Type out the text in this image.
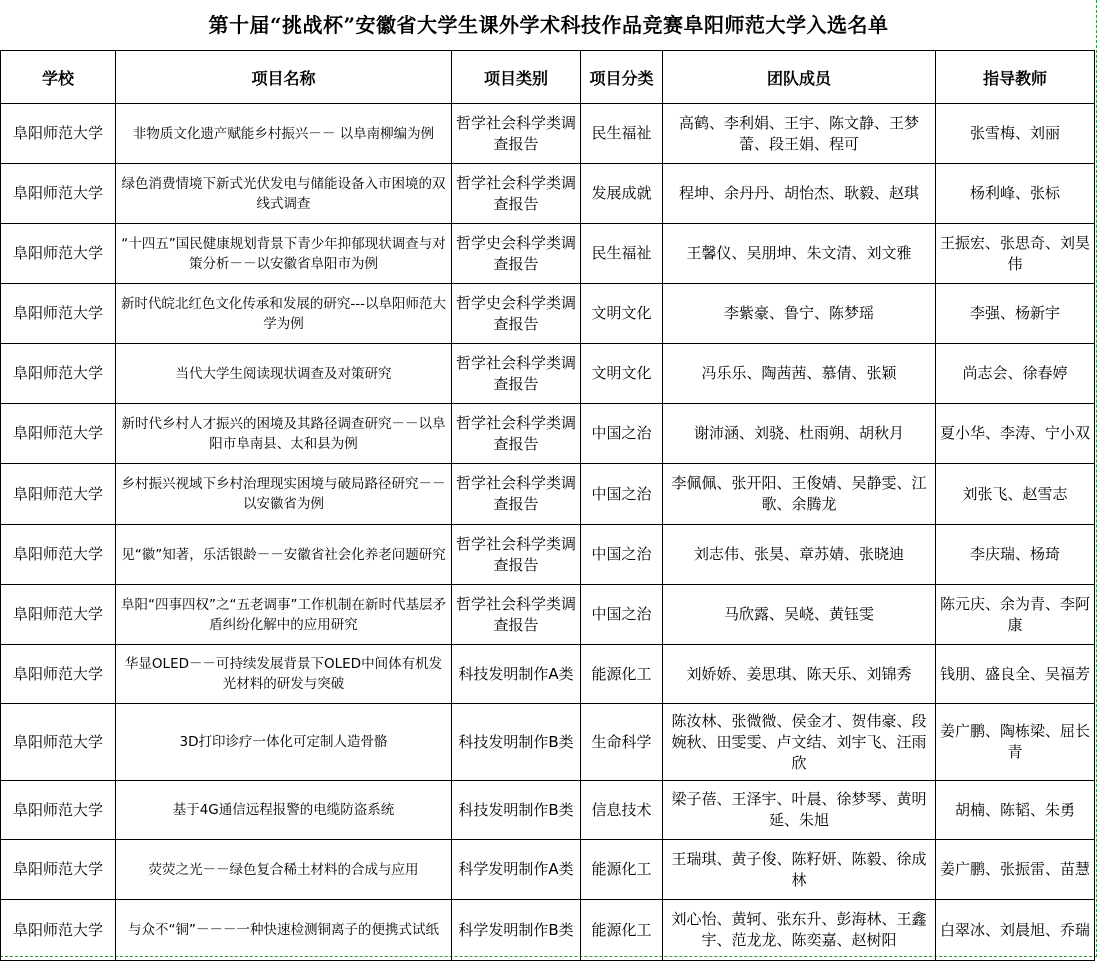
第十届“挑战杯”安徽省大学生课外学术科技作品竞赛阜阳师范大学入选名单
学校	项目名称	项目类别	项目分类	团队成员	指导教师
阜阳师范大学	非物质文化遗产赋能乡村振兴－－ 以阜南柳编为例	哲学社会科学类调查报告	民生福祉	高鹤、李利娟、王宇、陈文静、王梦蕾、段王娟、程可	张雪梅、刘丽
阜阳师范大学	绿色消费情境下新式光伏发电与储能设备入市困境的双线式调查	哲学社会科学类调查报告	发展成就	程坤、余丹丹、胡怡杰、耿毅、赵琪	杨利峰、张标
阜阳师范大学	“十四五”国民健康规划背景下青少年抑郁现状调查与对策分析－－以安徽省阜阳市为例	哲学史会科学类调查报告	民生福祉	王馨仪、吴朋坤、朱文清、刘文雅	王振宏、张思奇、刘昊伟
阜阳师范大学	新时代皖北红色文化传承和发展的研究---以阜阳师范大学为例	哲学史会科学类调查报告	文明文化	李紫豪、鲁宁、陈梦瑶	李强、杨新宇
阜阳师范大学	当代大学生阅读现状调查及对策研究	哲学社会科学类调查报告	文明文化	冯乐乐、陶茜茜、慕倩、张颖	尚志会、徐春婷
阜阳师范大学	新时代乡村人才振兴的困境及其路径调查研究－－以阜阳市阜南县、太和县为例	哲学社会科学类调查报告	中国之治	谢沛涵、刘骁、杜雨朔、胡秋月	夏小华、李涛、宁小双
阜阳师范大学	乡村振兴视域下乡村治理现实困境与破局路径研究－－以安徽省为例	哲学社会科学类调查报告	中国之治	李佩佩、张开阳、王俊婧、吴静雯、江歌、余腾龙	刘张飞、赵雪志
阜阳师范大学	见“徽”知著，乐活银龄－－安徽省社会化养老问题研究	哲学社会科学类调查报告	中国之治	刘志伟、张昊、章苏婧、张晓迪	李庆瑞、杨琦
阜阳师范大学	阜阳“四事四权”之“五老调事”工作机制在新时代基层矛盾纠纷化解中的应用研究	哲学社会科学类调查报告	中国之治	马欣露、吴峣、黄钰雯	陈元庆、余为青、李阿康
阜阳师范大学	华显OLED－－可持续发展背景下OLED中间体有机发光材料的研发与突破	科技发明制作A类	能源化工	刘娇娇、姜思琪、陈天乐、刘锦秀	钱朋、盛良全、吴福芳
阜阳师范大学	3D打印诊疗一体化可定制人造骨骼	科技发明制作B类	生命科学	陈汝林、张微微、侯金才、贺伟豪、段婉秋、田雯雯、卢文结、刘宇飞、汪雨欣	姜广鹏、陶栋梁、屈长青
阜阳师范大学	基于4G通信远程报警的电缆防盗系统	科技发明制作B类	信息技术	梁子蓓、王泽宇、叶晨、徐梦琴、黄明延、朱旭	胡楠、陈韬、朱勇
阜阳师范大学	荧荧之光－－绿色复合稀土材料的合成与应用	科学发明制作A类	能源化工	王瑞琪、黄子俊、陈籽妍、陈毅、徐成林	姜广鹏、张振雷、苗慧
阜阳师范大学	与众不“铜”－－－一种快速检测铜离子的便携式试纸	科学发明制作B类	能源化工	刘心怡、黄轲、张东升、彭海林、王鑫宇、范龙龙、陈奕嘉、赵树阳	白翠冰、刘晨旭、乔瑞
